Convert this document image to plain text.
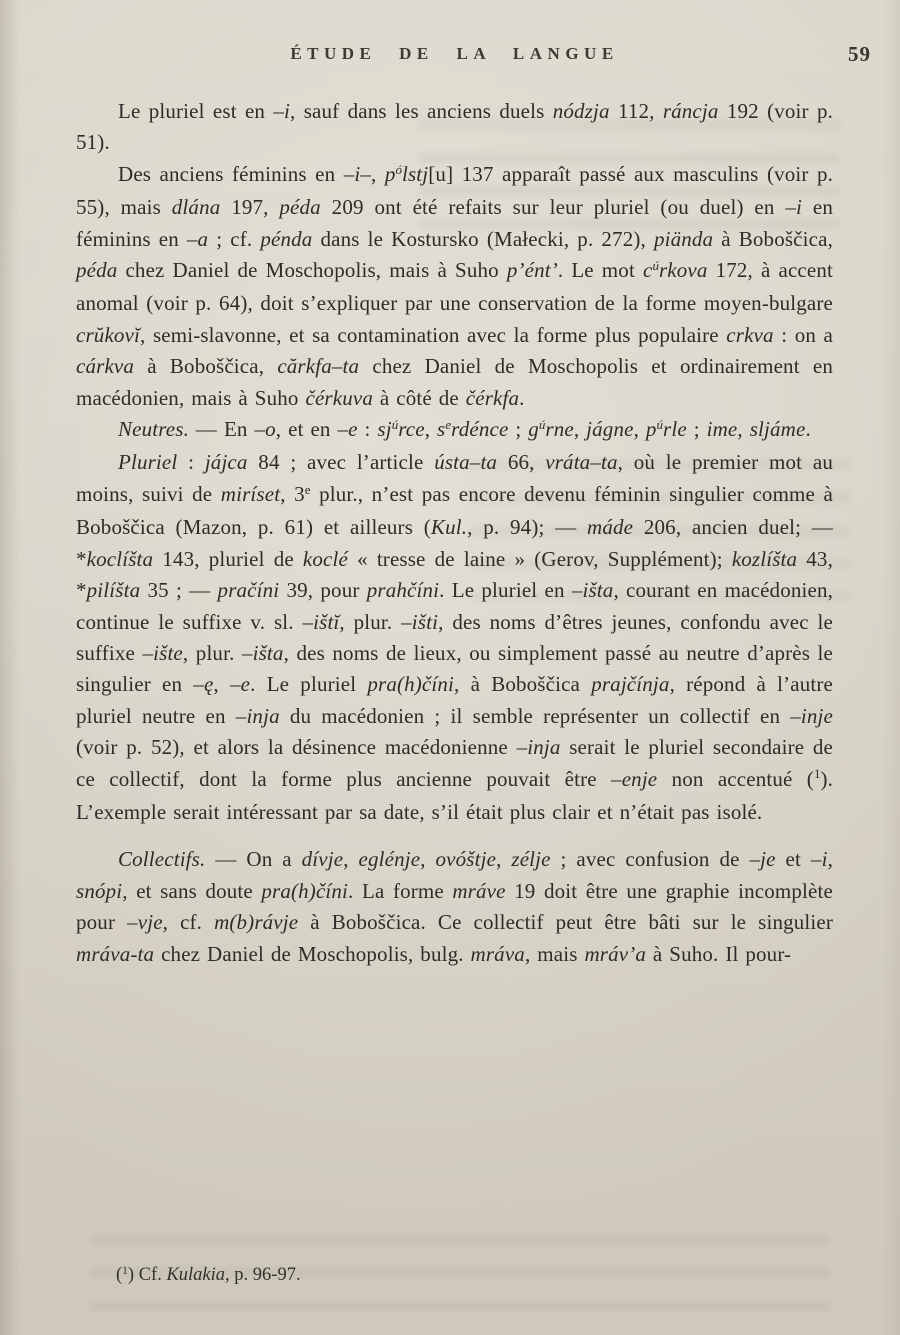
ÉTUDE DE LA LANGUE	59

Le pluriel est en –i, sauf dans les anciens duels nódzja 112, ráncja 192 (voir p. 51).

Des anciens féminins en –i–, $p^ólstj[u]$ 137 apparaît passé aux masculins (voir p. 55), mais dlána 197, péda 209 ont été refaits sur leur pluriel (ou duel) en –i en féminins en –a ; cf. pénda dans le Kostursko (Małecki, p. 272), piända à Boboščica, péda chez Daniel de Moschopolis, mais à Suho p’ént’. Le mot $c^úrkova$ 172, à accent anomal (voir p. 64), doit s’expliquer par une conservation de la forme moyen-bulgare crŭkovĭ, semi-slavonne, et sa contamination avec la forme plus populaire crkva : on a cárkva à Boboščica, cărkfa–ta chez Daniel de Moschopolis et ordinairement en macédonien, mais à Suho čérkuva à côté de čérkfa.

Neutres. — En –o, et en –e : $sj^úrce$, $s^erdénce$ ; $g^úrne$, jágne, $p^úrle$ ; ime, sljáme.

Pluriel : jájca 84 ; avec l’article ústa–ta 66, vráta–ta, où le premier mot au moins, suivi de miríset, 3e plur., n’est pas encore devenu féminin singulier comme à Boboščica (Mazon, p. 61) et ailleurs (Kul., p. 94); — máde 206, ancien duel; — *koclíšta 143, pluriel de koclé « tresse de laine » (Gerov, Supplément); kozlíšta 43, *pilíšta 35 ; — pračíni 39, pour prahčíni. Le pluriel en –išta, courant en macédonien, continue le suffixe v. sl. –ištĭ, plur. –išti, des noms d’êtres jeunes, confondu avec le suffixe –ište, plur. –išta, des noms de lieux, ou simplement passé au neutre d’après le singulier en –ę, –e. Le pluriel pra(h)číni, à Boboščica prajčínja, répond à l’autre pluriel neutre en –inja du macédonien ; il semble représenter un collectif en –inje (voir p. 52), et alors la désinence macédonienne –inja serait le pluriel secondaire de ce collectif, dont la forme plus ancienne pouvait être –enje non accentué ($^1$). L’exemple serait intéressant par sa date, s’il était plus clair et n’était pas isolé.

Collectifs. — On a dívje, eglénje, ovóštje, zélje ; avec confusion de –je et –i, snópi, et sans doute pra(h)číni. La forme mráve 19 doit être une graphie incomplète pour –vje, cf. m(b)rávje à Boboščica. Ce collectif peut être bâti sur le singulier mráva-ta chez Daniel de Moschopolis, bulg. mráva, mais mráv’a à Suho. Il pour-

($^1$) Cf. Kulakia, p. 96-97.
